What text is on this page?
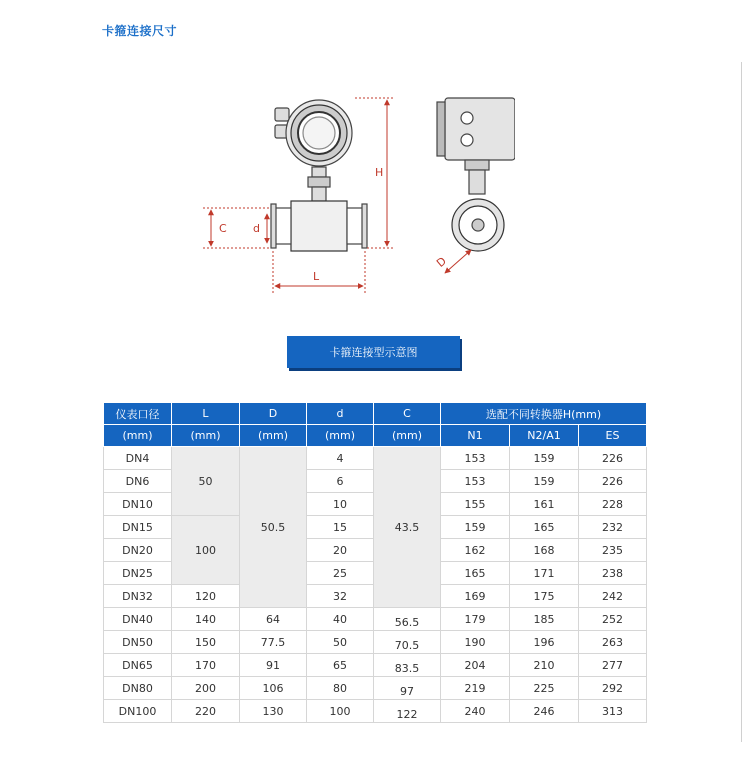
卡箍连接尺寸
H
C d
L
D
卡箍连接型示意图
仪表口径	L	D	d	C	选配不同转换器H(mm)		
(mm)	(mm)	(mm)	(mm)	(mm)	N1	N2/A1	ES
DN4	50	50.5	4	43.5	153	159	226
DN6			6		153	159	226
DN10			10		155	161	228
DN15	100		15		159	165	232
DN20			20		162	168	235
DN25			25		165	171	238
DN32	120		32		169	175	242
DN40	140	64	40	56.5	179	185	252
DN50	150	77.5	50	70.5	190	196	263
DN65	170	91	65	83.5	204	210	277
DN80	200	106	80	97	219	225	292
DN100	220	130	100	122	240	246	313
